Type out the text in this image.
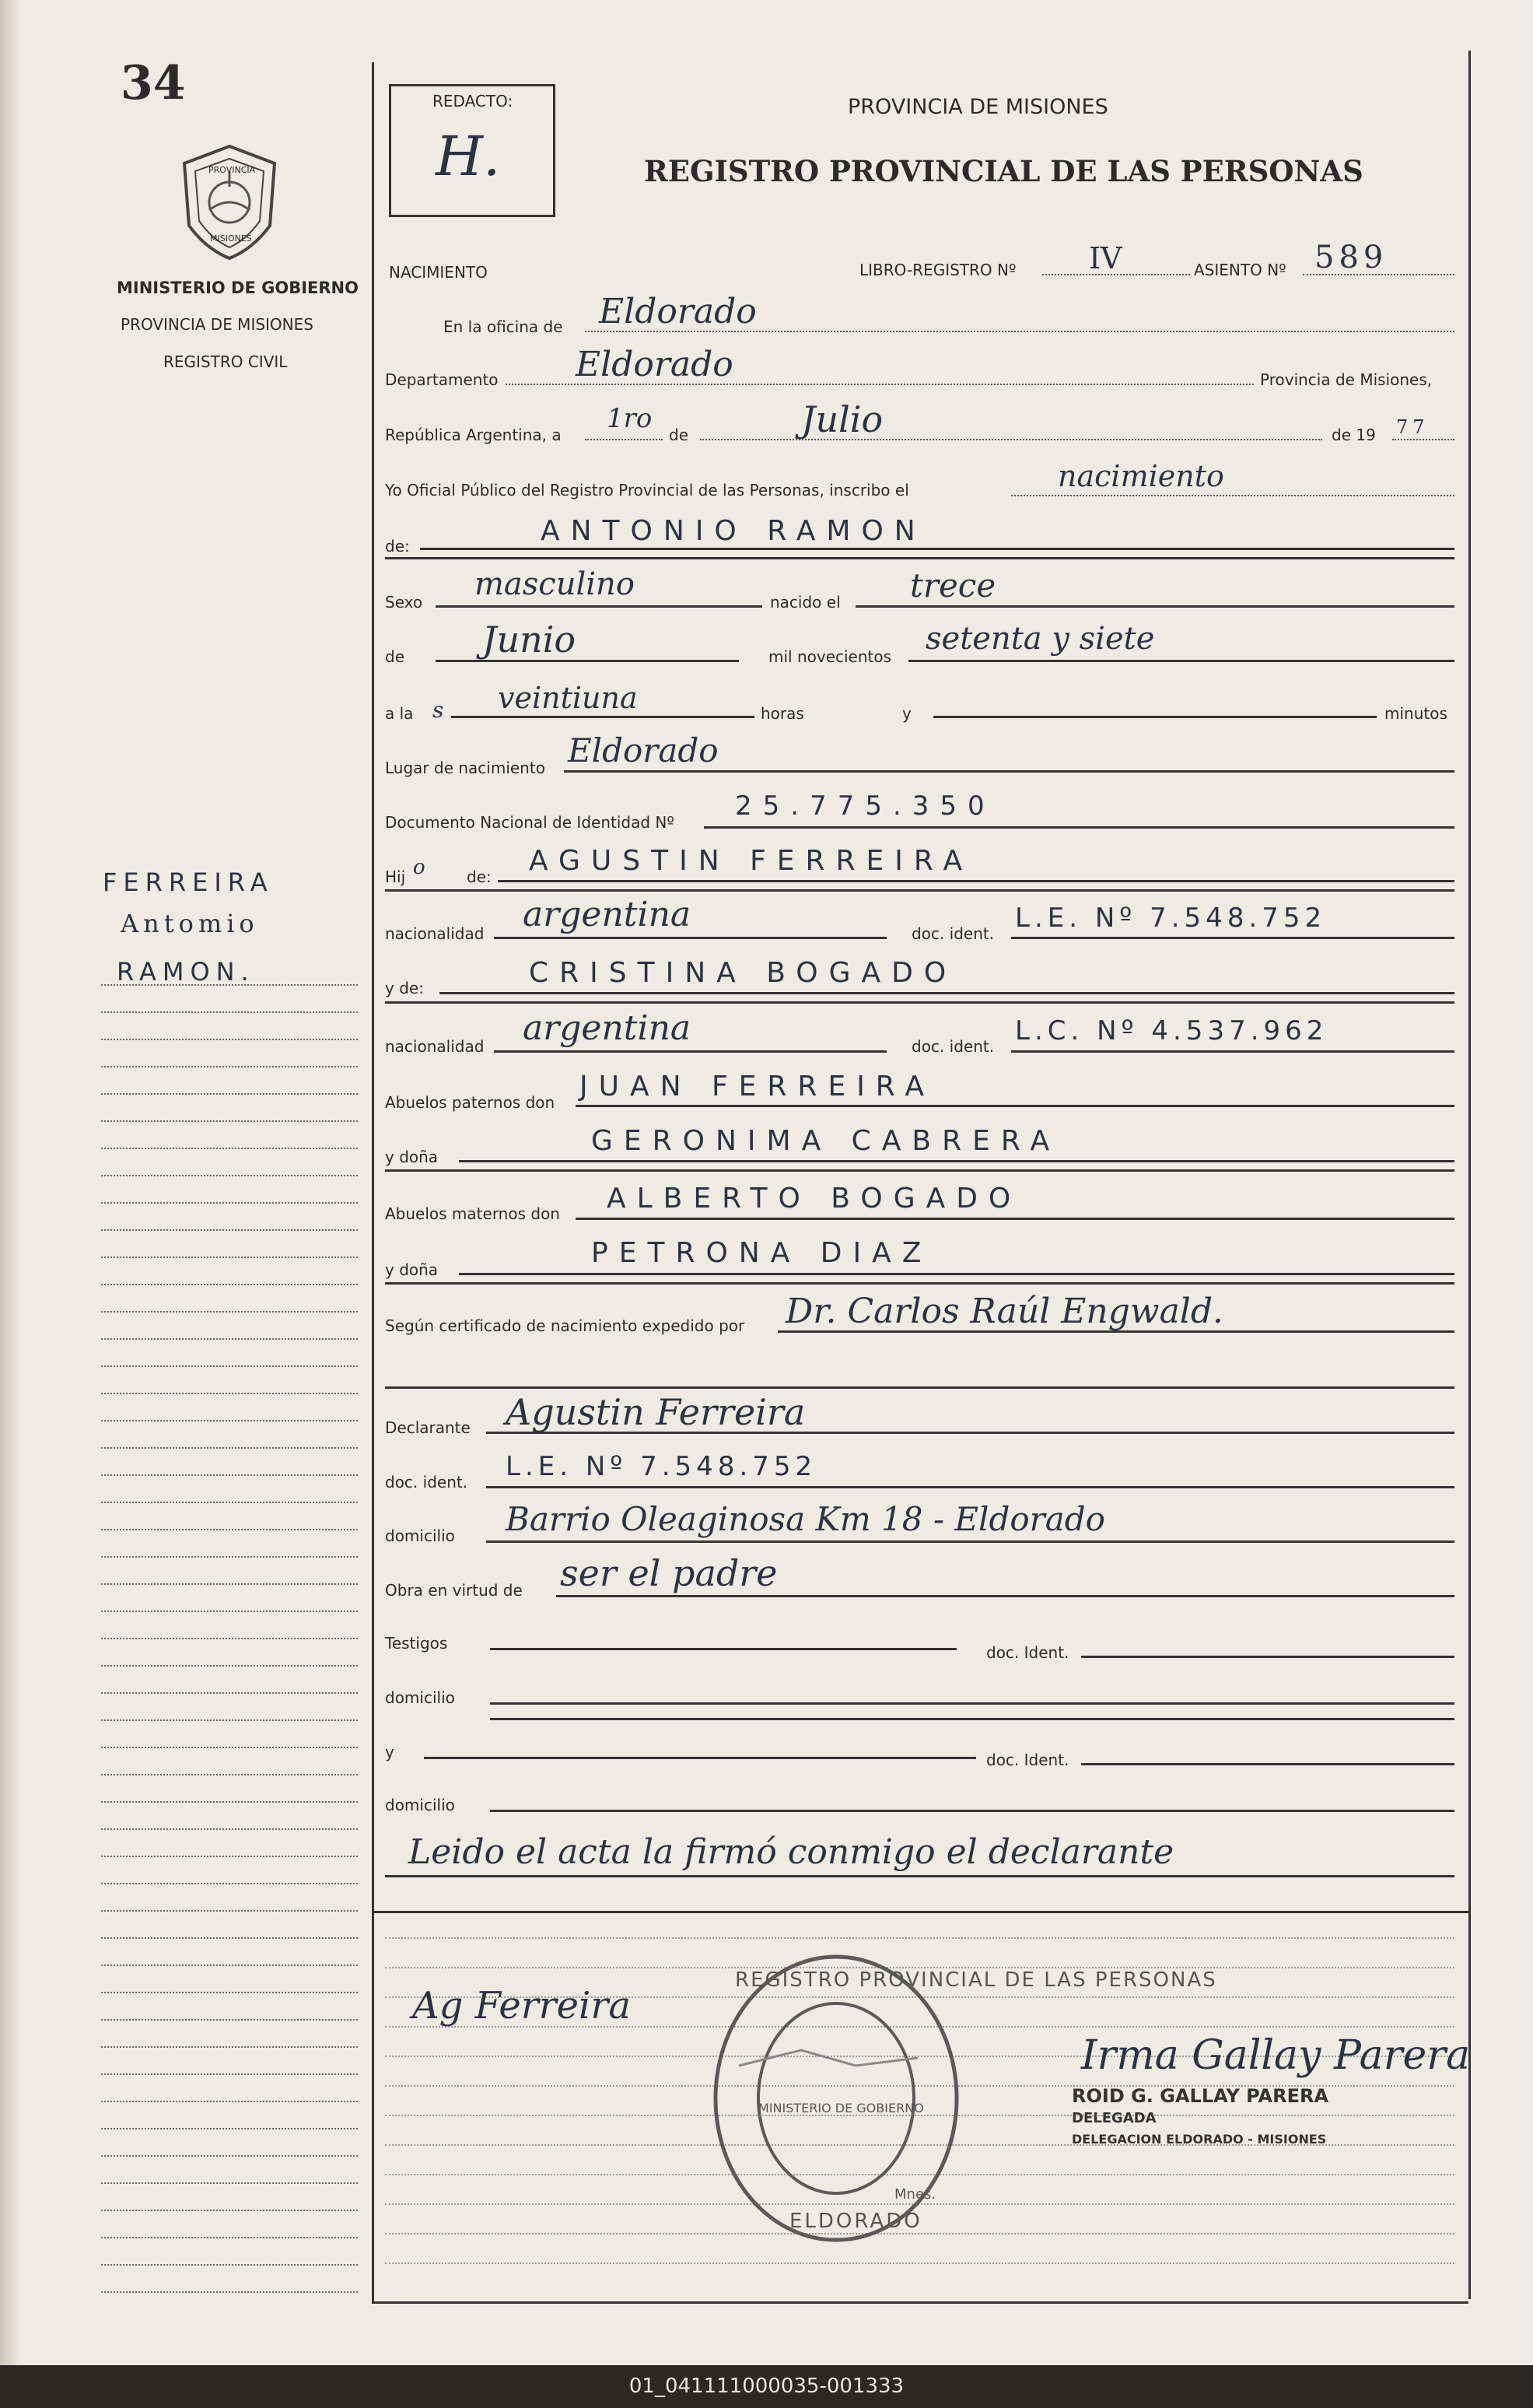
34
PROVINCIA
MISIONES
MINISTERIO DE GOBIERNO
PROVINCIA DE MISIONES
REGISTRO CIVIL
REDACTO:
H.
PROVINCIA DE MISIONES
REGISTRO PROVINCIAL DE LAS PERSONAS
NACIMIENTO	LIBRO-REGISTRO Nº IV	ASIENTO Nº 589
En la oficina de Eldorado
Departamento Eldorado	Provincia de Misiones,
República Argentina, a
1ro
de	Julio	de 19 77
Yo Oficial Público del Registro Provincial de las Personas, inscribo el	nacimiento
de:	ANTONIO RAMON
Sexo masculino	nacido el trece
de Junio	mil novecientos setenta y siete
a la s veintiuna	horas	y	minutos
Lugar de nacimiento Eldorado
Documento Nacional de Identidad Nº
25.775.350
FERREIRA
Antomio
RAMON.
Hij o	de: AGUSTIN FERREIRA
nacionalidad argentina	doc. ident. L.E. Nº 7.548.752
y de:	CRISTINA BOGADO
nacionalidad argentina	doc. ident. L.C. Nº 4.537.962
Abuelos paternos don JUAN FERREIRA
y doña	GERONIMA CABRERA
Abuelos maternos don ALBERTO BOGADO
y doña
PETRONA DIAZ
Según certificado de nacimiento expedido por Dr. Carlos Raúl Engwald.
Declarante Agustin Ferreira
doc. ident. L.E. Nº 7.548.752
domicilio Barrio Oleaginosa Km 18 - Eldorado
Obra en virtud de ser el padre
Testigos	doc. Ident.
domicilio
y	doc. Ident.
domicilio
Leido el acta la firmó conmigo el declarante
Ag Ferreira
REGISTRO PROVINCIAL DE LAS PERSONAS
MINISTERIO DE GOBIERNO
Mnes.
ELDORADO
Irma Gallay Parera
ROID G. GALLAY PARERA
DELEGADA
DELEGACION ELDORADO - MISIONES
01_041111000035-001333
